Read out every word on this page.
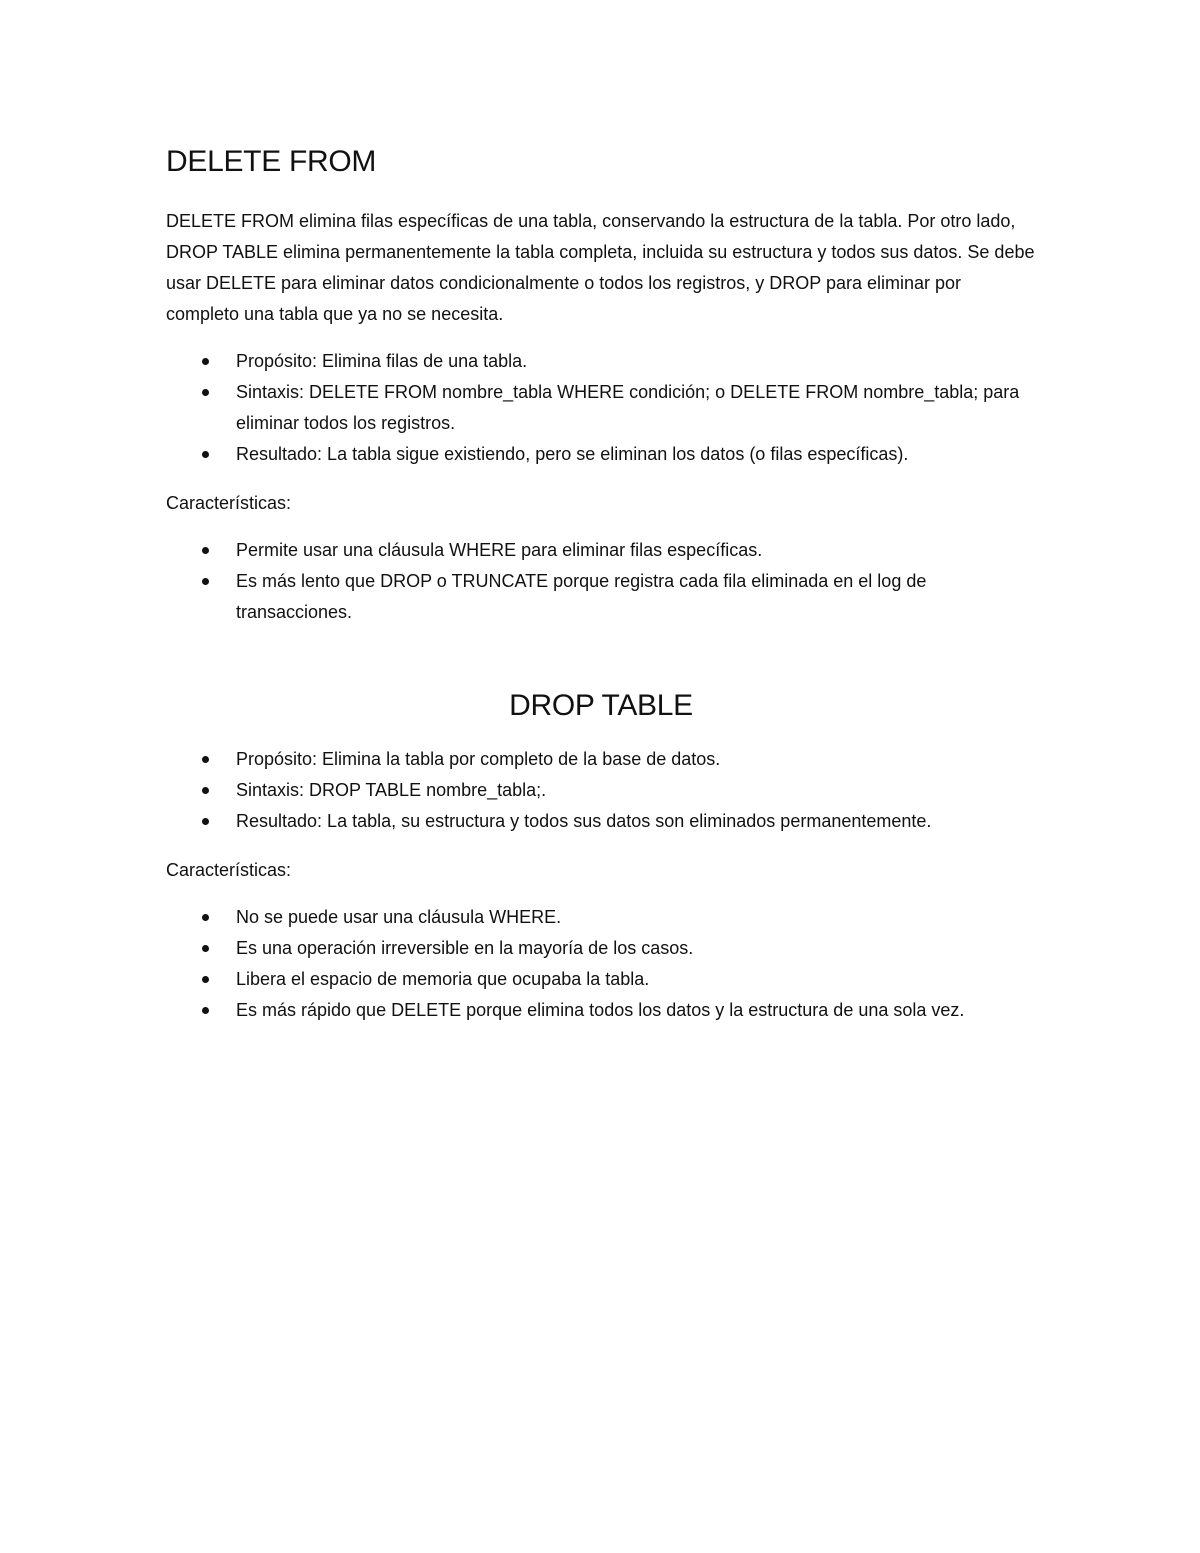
DELETE FROM

DELETE FROM elimina filas específicas de una tabla, conservando la estructura de la tabla. Por otro lado, DROP TABLE elimina permanentemente la tabla completa, incluida su estructura y todos sus datos. Se debe usar DELETE para eliminar datos condicionalmente o todos los registros, y DROP para eliminar por completo una tabla que ya no se necesita.

Propósito: Elimina filas de una tabla.
Sintaxis: DELETE FROM nombre_tabla WHERE condición; o DELETE FROM nombre_tabla; para eliminar todos los registros.
Resultado: La tabla sigue existiendo, pero se eliminan los datos (o filas específicas).

Características:

Permite usar una cláusula WHERE para eliminar filas específicas.
Es más lento que DROP o TRUNCATE porque registra cada fila eliminada en el log de transacciones.
DROP TABLE
Propósito: Elimina la tabla por completo de la base de datos.
Sintaxis: DROP TABLE nombre_tabla;.
Resultado: La tabla, su estructura y todos sus datos son eliminados permanentemente.

Características:

No se puede usar una cláusula WHERE.
Es una operación irreversible en la mayoría de los casos.
Libera el espacio de memoria que ocupaba la tabla.
Es más rápido que DELETE porque elimina todos los datos y la estructura de una sola vez.
